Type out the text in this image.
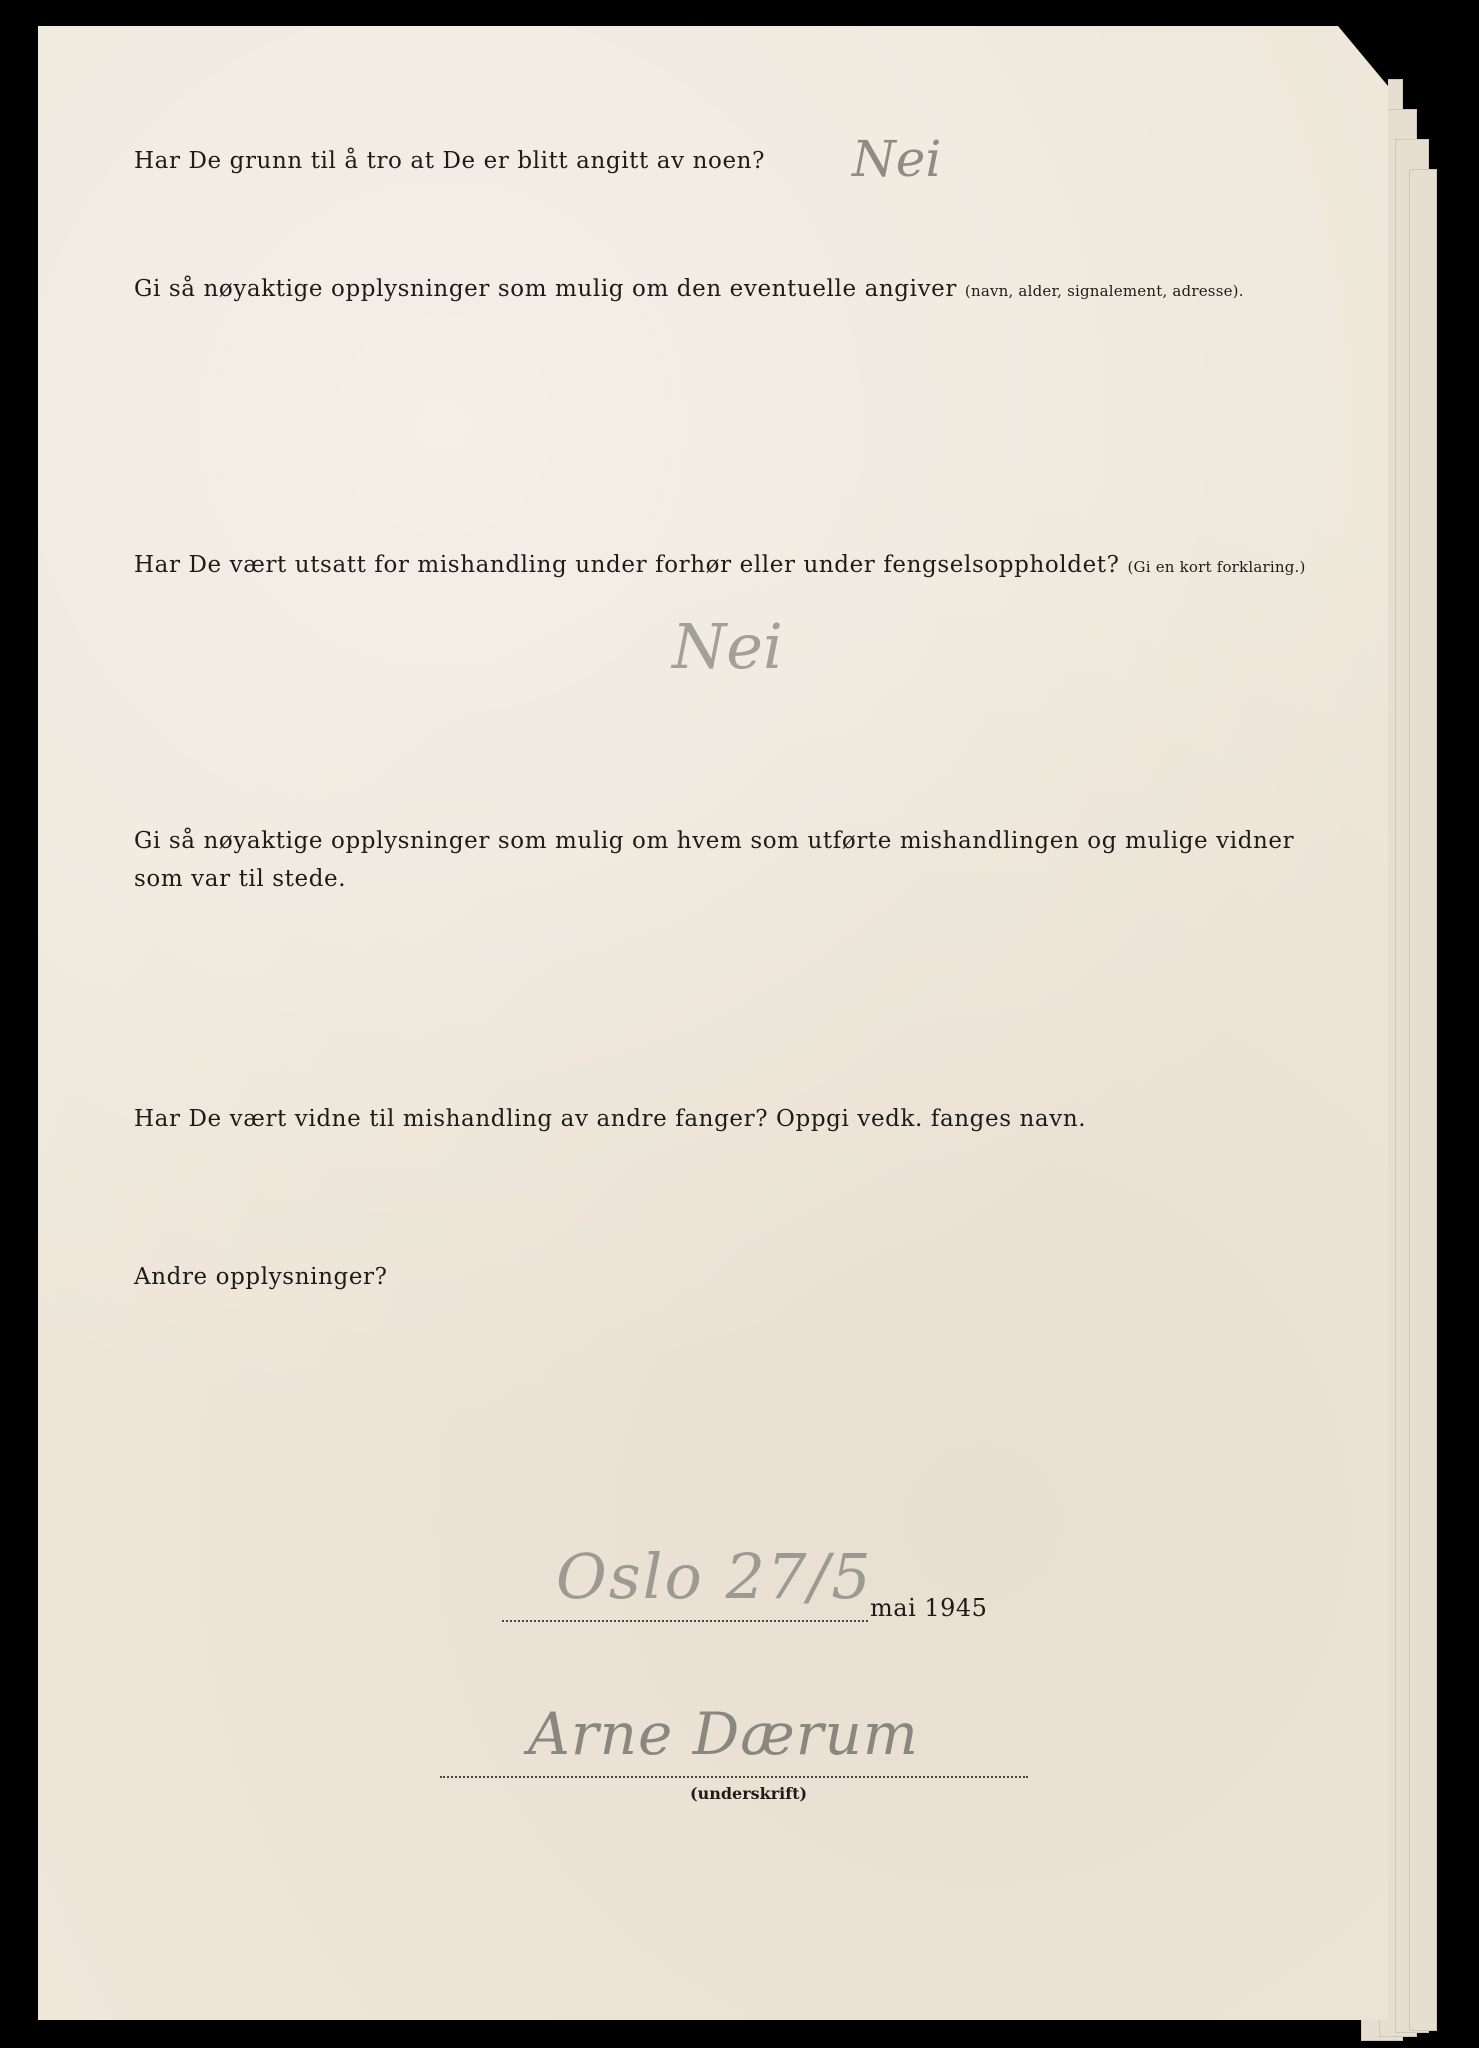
Har De grunn til å tro at De er blitt angitt av noen? Nei
Gi så nøyaktige opplysninger som mulig om den eventuelle angiver (navn, alder, signalement, adresse).
Har De vært utsatt for mishandling under forhør eller under fengselsoppholdet? (Gi en kort forklaring.)
Nei
Gi så nøyaktige opplysninger som mulig om hvem som utførte mishandlingen og mulige vidner
som var til stede.
Har De vært vidne til mishandling av andre fanger? Oppgi vedk. fanges navn.
Andre opplysninger?
Oslo 27/5
mai 1945
Arne Dærum
(underskrift)
